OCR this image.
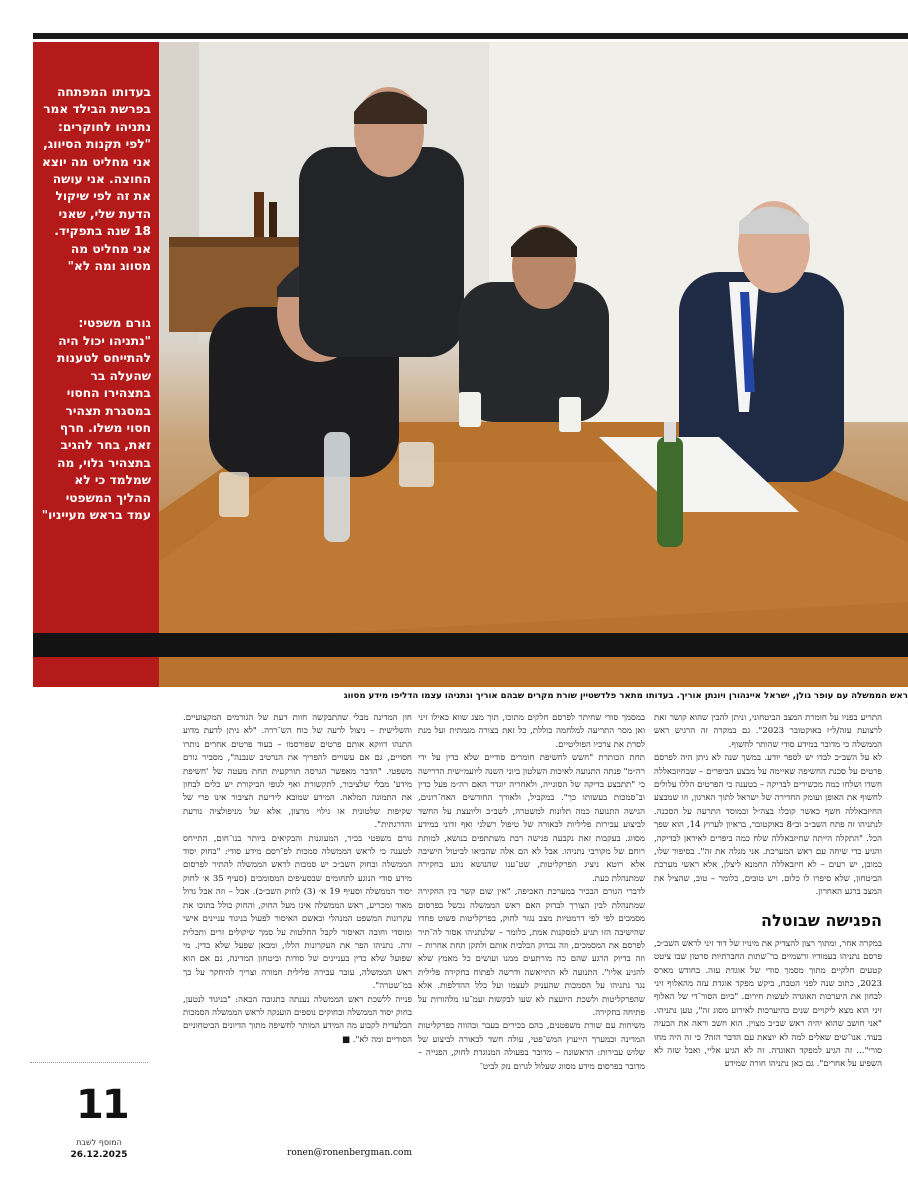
בעדותו המפתחה בפרשת הבילד אמר נתניהו לחוקרים: "לפי תקנות הסיווג, אני מחליט מה יוצא החוצה. אני עושה את זה לפי שיקול הדעת שלי, שאני 18 שנה בתפקיד. אני מחליט מה מסווג ומה לא"
גורם משפטי: "נתניהו יכול היה להתייחס לטענות שהעלה בר בתצהירו החסוי במסגרת תצהיר חסוי משלו. חרף זאת, בחר להגיב בתצהיר גלוי, מה שמלמד כי לא ההליך המשפטי עמד בראש מעייניו"
ראש הממשלה עם עופר גולן, ישראל איינהורן ויונתן אוריך. בעדותו מתאר פלדשטיין שורת מקרים שבהם אוריך ונתניהו עצמו הדליפו מידע מסווג

התריע בפניו על חומרת המצב הביטחוני, וניתן להבין שהוא קושר זאת לרצועת עזה/ל״ז באוקטובר 2023". גם במקרה זה הרגיש ראש הממשלה כי מדובר במידע סודי שהותר לחשוף.
לא על השב״כ לבדו יש לספר יודע. במשך שנה לא ניתן היה לפרסם פרטים על סכנת החשיפה שאיימה על מבצע הביפרים – שבחיזבאללה חשדו ושלחו כמה מכשירים לבדיקה – בטענה כי הפרטים הללו עלולים לחשוף את האופן ועומק החדירה של ישראל לתוך הארגון, וזו שמבצע החיזבאללה חשף כאשר קובלו בצה״ל ובמוסד התרעה על הסכנה. לנתניהו זה פתח השב״כ וב״8 באוקטובר, בראיון לערוץ 14, הוא שפך הכל. "התקלה הייתה שחיזבאללה שלח כמה ביפרים לאיראן לבדיקה, והגיע כדי שיחה עם ראש המערכת. אני מגלה את זה". בסיפור שלו, כמובן, יש רעים – לא חיזבאללה החמנא ליצלן, אלא ראשי מערכת הביטחון, שלא סיפרו לו כלום. ויש טובים, כלומר – טוב, שהציל את המצב ברגע האחרון.

הפגישה שבוטלה

במקרה אחר, ומתוך רצון להצדיק את מינויו של דוד זיני לראש השב״כ, פרסם נתניהו בעמודיו ורשמיים בר־שתות החברתיות סרטון שבו ציטט קטעים חלקיים מתוך מסמך סודי של אוגדת עזה. בחודש מארס 2023, כתוב שנה לפני הטבח, ביקש מפקד אוגדת עזה מהאלוף זיני לבחון את היערכות האוגדה לעשות חירום. "ביום הסור־די של האלוף זיני הוא מצא ליקויים שנים בהיערכות לאירוע מסוג זה", טען נתניהו. "אני חושב שהוא יהיה ראש שב״כ מצוין. הוא חשב וראה את הבעיה בעוד. אנו־שים שאלים למה לא יוצאת עם הדבר הזה? כי זה היה מחו סורי"... זה הגיע למפקד האוגדה. זה לא הגיע אליי, ואבל שזה לא השפיע על אחרים". גם כאן נתניהו חורה שמידע

במסמך סודי שחיתר לפרסם חלקים מתוכו, תוך מצג שווא כאילו זיני ואן מסר התריעה למלחמה כוללת, כל זאת בצורה מגמתית ועל מנת לסרת את צרכיו הפוליטיים.
תחת הכותרת "חשש לחשיפת חומרים סודיים שלא כדין על ידי רה״מ" פנתה התנועה לאיכות השלטון ביוני השנה ליועמ״שית הדרישה כי "תתבצע בדיקה של הסוגייה, ולאחריה יוגדר האם רה״מ פעל כדין וב־סמכות בעשותו כך". במקביל, ולאורך החודשים האח־רונים, הגישה התנועה כמה תלונות למשטרה, לשב״כ וליועצת על החשד לביצוע עבירות פליליות לכאורה של טיפול רשלני ואף זדוני במידע מסווג. בעקבות זאת נקבעה פגישה רבת משתתפים בנושא, למותת רוחם של מקורבי נתניהו. אבל לא הם אלה שהביאו לביטול הישיבה אלא רוטא ניציג הפרקליטות, שט־ענו שהנושא נוגע בחקירה שמתנהלת כעת.
לדברי הגורם הבכיר במערכת האכיפה, "אין שום קשר בין החקירה שמתנהלת לבין הצורך לבדוק האם ראש הממשלה נכשל בפרסום מסמכים לפי לפי דרמטיות מצב נגזר לחוק, בפרקליטות פשוט פחדו שהישיבה הזו תגיע למסקנות אמת, כלומר – שלנתניהו אסור לה־תיר לפרסם את המסמכים, וזה נבדוק הכלבית אותם ולתקן תחת אחרות – וזה בדיוק הרגע שהם כה מורתעים ממנו ועושים כל מאמץ שלא להגיע אליו". התנועה לא התייאשה ודרשה לפתוח בחקירה פלילית נגד נתניהו על הסמכות שהעניק לעצמו ועל כלל ההדלפות. אלא שהפרקליטות ולשכת היועצת לא שעו לבקשות ועמ־עו מלהורות על פתיחה בחקירה.
משיחות עם שורת משפטנים, בהם בכירים בעבר ובהווה בפרקליטות המדינה ובמערך הייעוץ המש־פטי, עולה חשד לכאורה לביצוע של שלוש עבירות: הראשונה – מדובר בפעולה המנוגדת לחוק, הפנייה – מדובר בפרסום מידע מסווג שעלול לגרום נזק לביט־

חון המדינה מבלי שהתבקשה חוות דעת של הגורמים המקצועיים. והשלישית – ניצול לרעה של כוח הש־ררה. "לא ניתן לדעת מדוע התנהו דווקא אותם פרטים שפורסמו – בעוד פרטים אחרים נותרו חסויים, גם אם עשויים להפריך את הנרטיב שנבנה", מסביר גורם משפטי. "הדבר מאפשר הגרסה תורקעית תחת מעטה של 'חשיפת מידע' מבלי שלציבור, לתקשורת ואף לגופי הביקורת יש כלים לבחון את התמונה המלאה. המידע שמובא לידיעת הציבור אינו פרי של שקיפות שלטונית או גילוי מרצון, אלא של מניפולציה נורעת והדרגתית".
גורם משפטי בכיר, המעוגנות והבקיאים ביותר בנו־חום, התייחס לטענה כי לראש הממשלה סמכות לפ־רסם מידע סודי: "בחוק יסוד הממשלה ובחוק השב״כ יש סמכות לראש הממשלה להתיר לפרסום מידע סודי הנוגע לתחומים שבסעיפים המסומכים (סעיף 35 א׳ לחוק יסוד הממשלה וסעיף 19 א׳ (3) לחוק השב״כ). אבל – וזה אבל גדול מאוד ומכריע, ראש הממשלה אינו מעל החוק, והחוק כולל בתוכו את עקרונות המשפט המנהלי וכאשם האיסור לפעול בניגוד עניינים אישי ומוסדי וחובה האיסור לקבל החלטות על סמך שיקולים זרים ותכלית זרה. נתניהו הפר את העקרונות הללו, ומכאן שפעל שלא כדין. מי שפועל שלא כדין בעניינים של סודות וביטחון המדינה, גם אם הוא ראש הממשלה, עובר עבירה פלילית חמורה וצריך להיחקר על כך במ־שטרה".
פנייה ללשכת ראש הממשלה נענתה בתגובה הבאה: "בניגוד לנטען, בחוק יסוד הממשלה ובחוקים נוספים הוענקה לראש הממשלה הסמכות הבלעדית לקבוע מה המידע המותר לחשיפה מתוך הדיונים הביטחוניים הסודיים ומה לא". ■

ronen@ronenbergman.com
11
המוסף לשבת
26.12.2025
